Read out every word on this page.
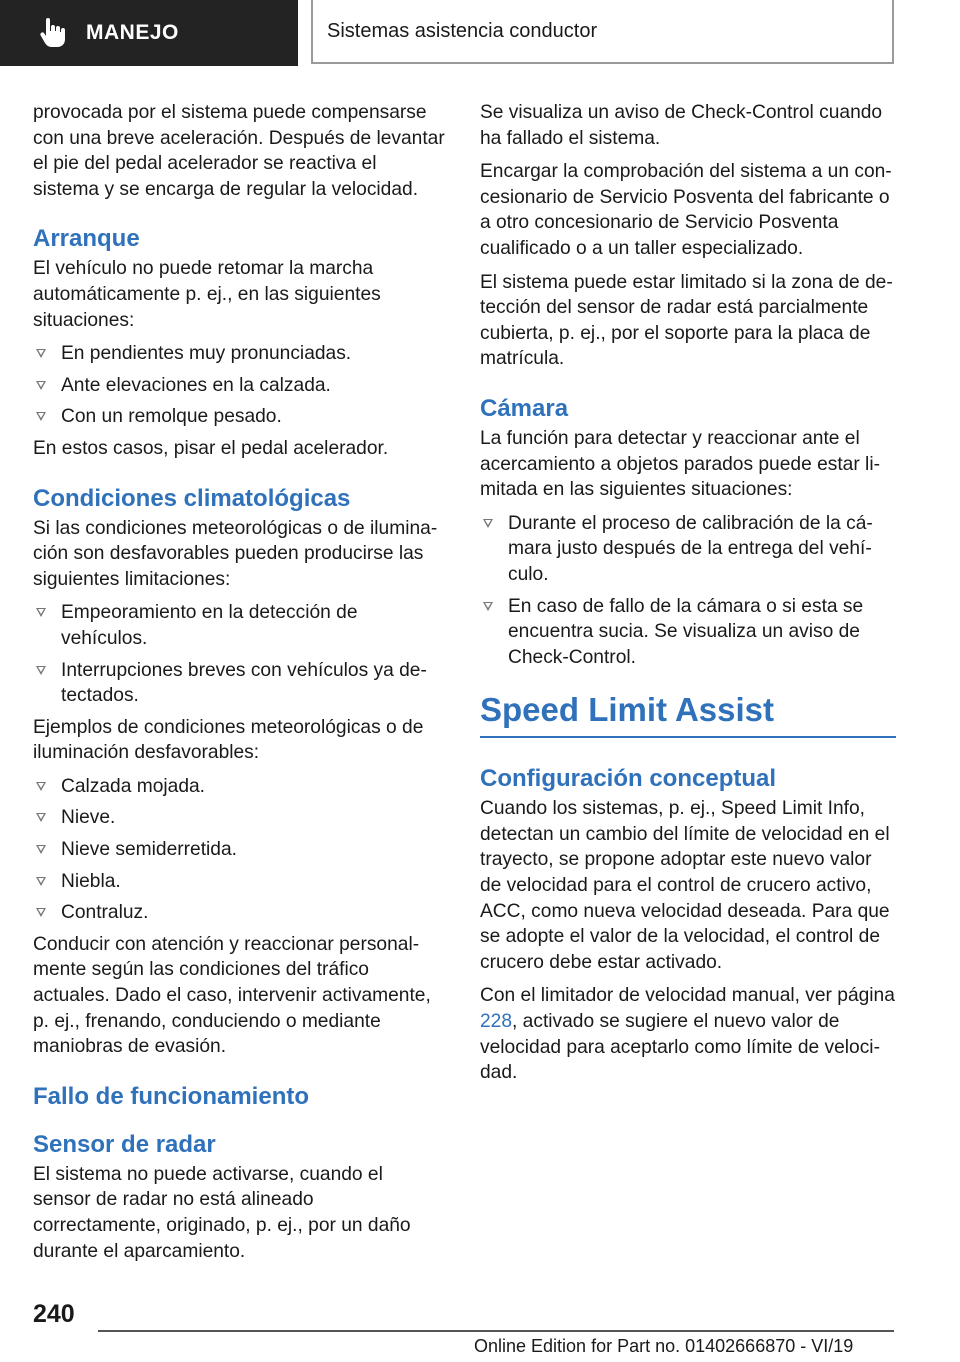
MANEJO	Sistemas asistencia conductor

provocada por el sistema puede compensarse con una breve aceleración. Después de levantar el pie del pedal acelerador se reactiva el sistema y se encarga de regular la velocidad.

Arranque

El vehículo no puede retomar la marcha automáticamente p. ej., en las siguientes situaciones:

En pendientes muy pronunciadas.
Ante elevaciones en la calzada.
Con un remolque pesado.

En estos casos, pisar el pedal acelerador.

Condiciones climatológicas

Si las condiciones meteorológicas o de iluminación son desfavorables pueden producirse las siguientes limitaciones:

Empeoramiento en la detección de vehículos.
Interrupciones breves con vehículos ya detectados.

Ejemplos de condiciones meteorológicas o de iluminación desfavorables:

Calzada mojada.
Nieve.
Nieve semiderretida.
Niebla.
Contraluz.

Conducir con atención y reaccionar personalmente según las condiciones del tráfico actuales. Dado el caso, intervenir activamente, p. ej., frenando, conduciendo o mediante maniobras de evasión.

Fallo de funcionamiento
Sensor de radar

El sistema no puede activarse, cuando el sensor de radar no está alineado correctamente, originado, p. ej., por un daño durante el aparcamiento.

Se visualiza un aviso de Check-Control cuando ha fallado el sistema.

Encargar la comprobación del sistema a un concesionario de Servicio Posventa del fabricante o a otro concesionario de Servicio Posventa cualificado o a un taller especializado.

El sistema puede estar limitado si la zona de detección del sensor de radar está parcialmente cubierta, p. ej., por el soporte para la placa de matrícula.

Cámara

La función para detectar y reaccionar ante el acercamiento a objetos parados puede estar limitada en las siguientes situaciones:

Durante el proceso de calibración de la cámara justo después de la entrega del vehículo.
En caso de fallo de la cámara o si esta se encuentra sucia. Se visualiza un aviso de Check-Control.
Speed Limit Assist
Configuración conceptual

Cuando los sistemas, p. ej., Speed Limit Info, detectan un cambio del límite de velocidad en el trayecto, se propone adoptar este nuevo valor de velocidad para el control de crucero activo, ACC, como nueva velocidad deseada. Para que se adopte el valor de la velocidad, el control de crucero debe estar activado.

Con el limitador de velocidad manual, ver página 228, activado se sugiere el nuevo valor de velocidad para aceptarlo como límite de velocidad.

240
Online Edition for Part no. 01402666870 - VI/19
